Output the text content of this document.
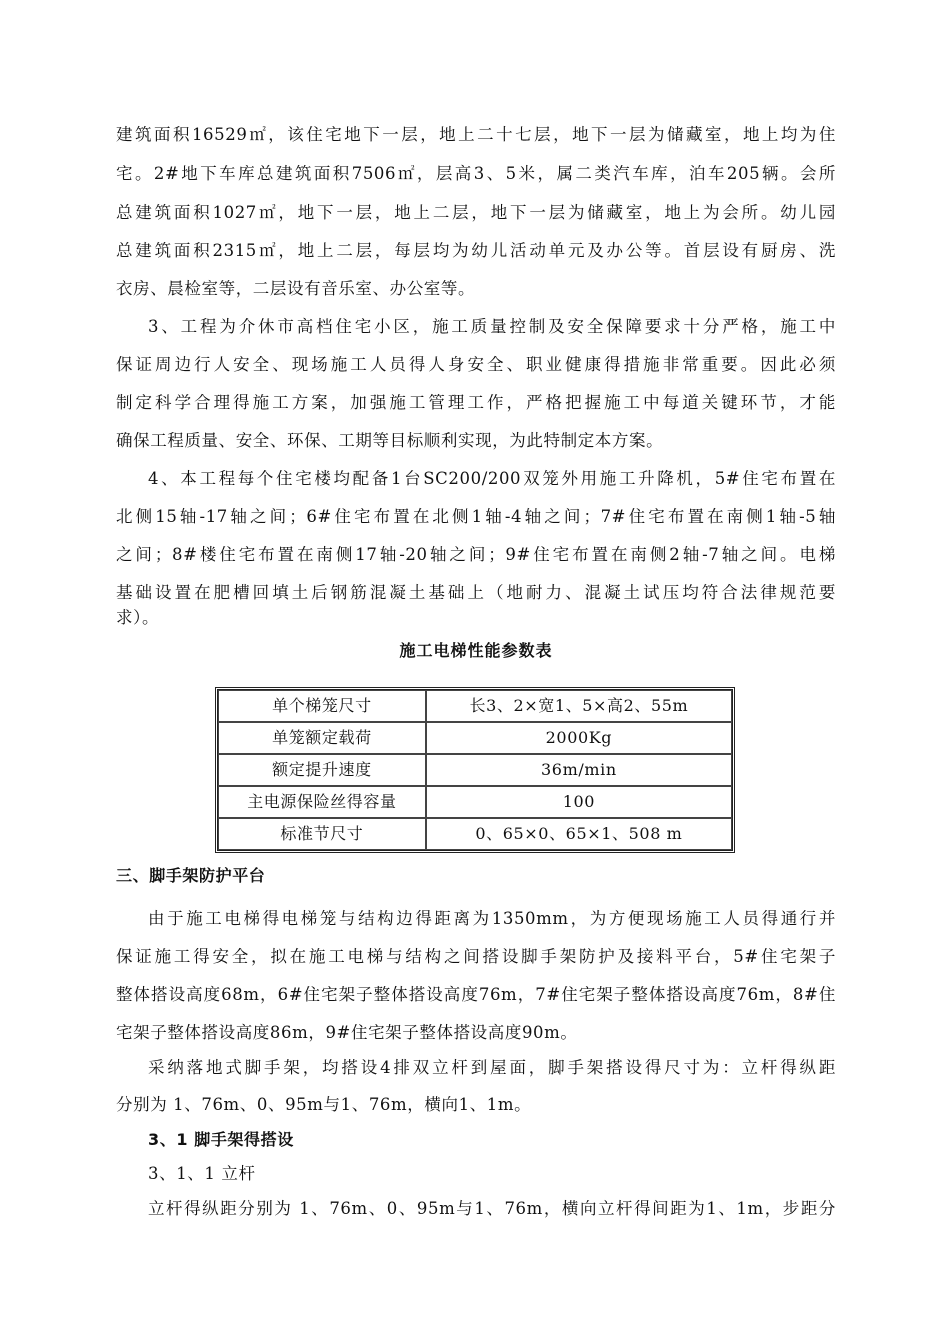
建筑面积16529㎡，该住宅地下一层，地上二十七层，地下一层为储藏室，地上均为住
宅。2#地下车库总建筑面积7506㎡，层高3、5米，属二类汽车库，泊车205辆。会所
总建筑面积1027㎡，地下一层，地上二层，地下一层为储藏室，地上为会所。幼儿园
总建筑面积2315㎡，地上二层，每层均为幼儿活动单元及办公等。首层设有厨房、洗
衣房、晨检室等，二层设有音乐室、办公室等。
3、工程为介休市高档住宅小区，施工质量控制及安全保障要求十分严格，施工中
保证周边行人安全、现场施工人员得人身安全、职业健康得措施非常重要。因此必须
制定科学合理得施工方案，加强施工管理工作，严格把握施工中每道关键环节，才能
确保工程质量、安全、环保、工期等目标顺利实现，为此特制定本方案。
4、本工程每个住宅楼均配备1台SC200/200双笼外用施工升降机，5#住宅布置在
北侧15轴-17轴之间；6#住宅布置在北侧1轴-4轴之间；7#住宅布置在南侧1轴-5轴
之间；8#楼住宅布置在南侧17轴-20轴之间；9#住宅布置在南侧2轴-7轴之间。电梯
基础设置在肥槽回填土后钢筋混凝土基础上（地耐力、混凝土试压均符合法律规范要
求）。
施工电梯性能参数表
单个梯笼尺寸	长3、2×宽1、5×高2、55m
单笼额定载荷	2000Kg
额定提升速度	36m/min
主电源保险丝得容量	100
标准节尺寸	0、65×0、65×1、508 m
三、脚手架防护平台
由于施工电梯得电梯笼与结构边得距离为1350mm，为方便现场施工人员得通行并
保证施工得安全，拟在施工电梯与结构之间搭设脚手架防护及接料平台，5#住宅架子
整体搭设高度68m，6#住宅架子整体搭设高度76m，7#住宅架子整体搭设高度76m，8#住
宅架子整体搭设高度86m，9#住宅架子整体搭设高度90m。
采纳落地式脚手架，均搭设4排双立杆到屋面，脚手架搭设得尺寸为：立杆得纵距
分别为 1、76m、0、95m与1、76m，横向1、1m。
3、1 脚手架得搭设
3、1、1 立杆
立杆得纵距分别为 1、76m、0、95m与1、76m，横向立杆得间距为1、1m，步距分
